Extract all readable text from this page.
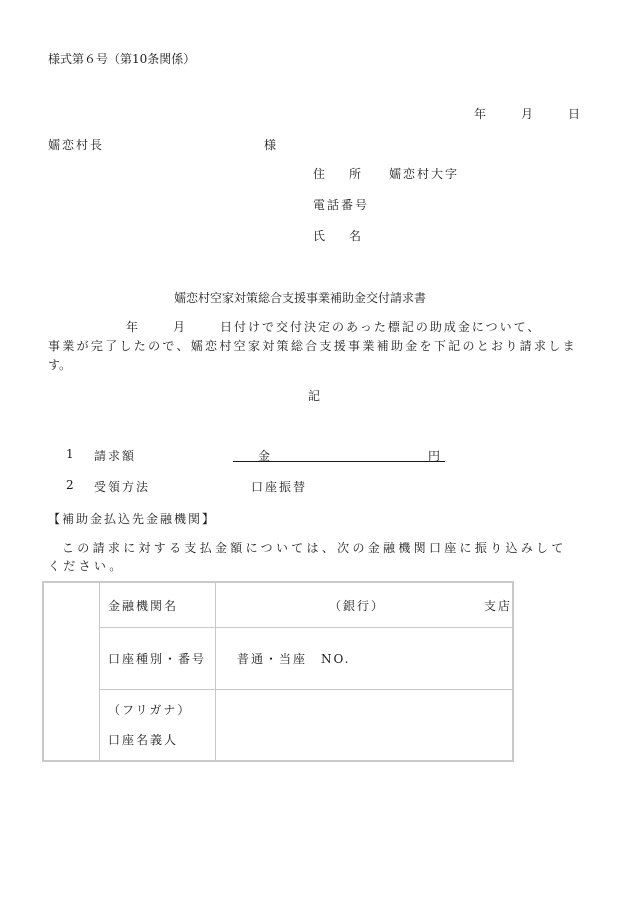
様式第６号（第10条関係）
年	月	日
嬬恋村長	様
住　　所 嬬恋村大字
電話番号
氏　　名
嬬恋村空家対策総合支援事業補助金交付請求書
年	月	日付けで交付決定のあった標記の助成金について、
事業が完了したので、嬬恋村空家対策総合支援事業補助金を下記のとおり請求しま
す。
記
1 請求額	金	円
2 受領方法	口座振替
【補助金払込先金融機関】
この請求に対する支払金額については、次の金融機関口座に振り込みして
ください。
	金融機関名	（銀行） 支店

	口座種別・番号	普通・当座　NO.

	（フリガナ）
口座名義人	
